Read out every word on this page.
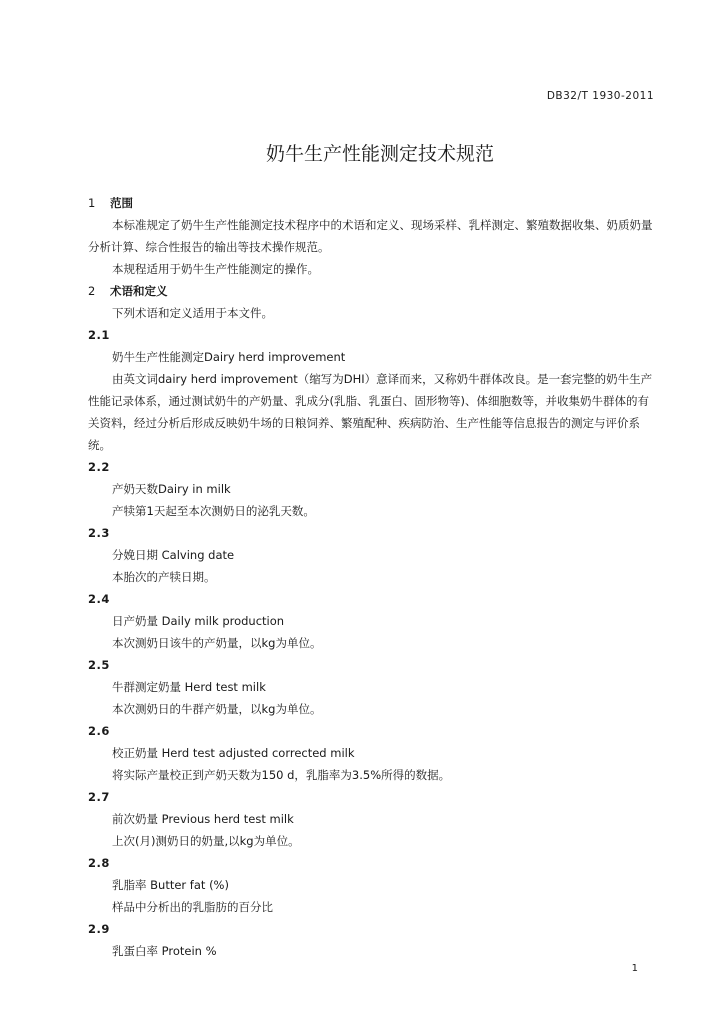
DB32/T 1930-2011
奶牛生产性能测定技术规范
1 范围
本标准规定了奶牛生产性能测定技术程序中的术语和定义、现场采样、乳样测定、繁殖数据收集、奶质奶量分析计算、综合性报告的输出等技术操作规范。
本规程适用于奶牛生产性能测定的操作。
2 术语和定义
下列术语和定义适用于本文件。
2.1
奶牛生产性能测定Dairy herd improvement
由英文词dairy herd improvement（缩写为DHI）意译而来，又称奶牛群体改良。是一套完整的奶牛生产性能记录体系，通过测试奶牛的产奶量、乳成分(乳脂、乳蛋白、固形物等)、体细胞数等，并收集奶牛群体的有关资料，经过分析后形成反映奶牛场的日粮饲养、繁殖配种、疾病防治、生产性能等信息报告的测定与评价系统。
2.2
产奶天数Dairy in milk
产犊第1天起至本次测奶日的泌乳天数。
2.3
分娩日期 Calving date
本胎次的产犊日期。
2.4
日产奶量 Daily milk production
本次测奶日该牛的产奶量，以kg为单位。
2.5
牛群测定奶量 Herd test milk
本次测奶日的牛群产奶量，以kg为单位。
2.6
校正奶量 Herd test adjusted corrected milk
将实际产量校正到产奶天数为150 d，乳脂率为3.5%所得的数据。
2.7
前次奶量 Previous herd test milk
上次(月)测奶日的奶量,以kg为单位。
2.8
乳脂率 Butter fat (%)
样品中分析出的乳脂肪的百分比
2.9
乳蛋白率 Protein %
1
